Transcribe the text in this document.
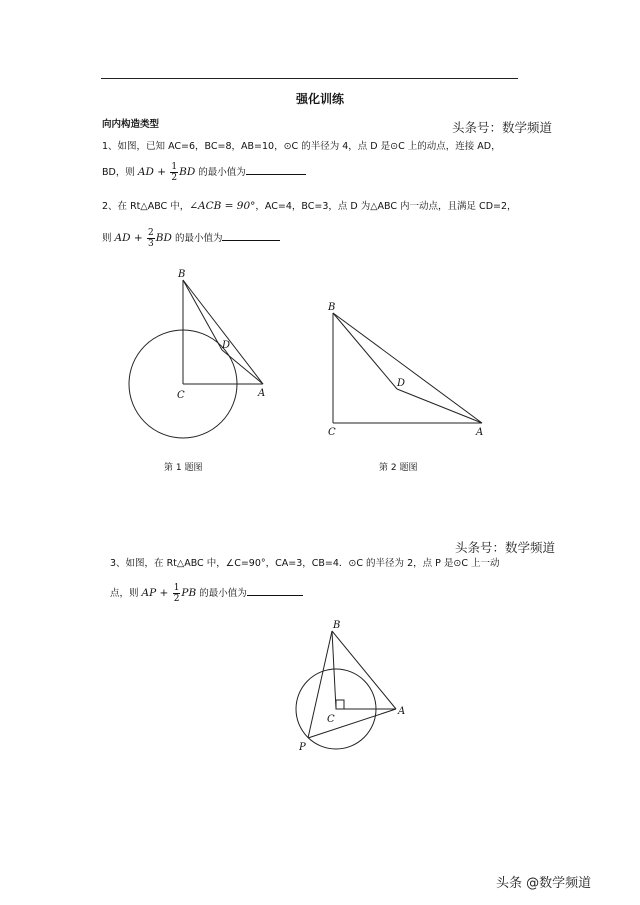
强化训练
向内构造类型	头条号：数学频道
1、如图，已知 AC=6，BC=8，AB=10，⊙C 的半径为 4，点 D 是⊙C 上的动点，连接 AD，
BD，则 AD + $\frac{1}{2}$ BD 的最小值为
2、在 Rt△ABC 中，∠ACB = 90°，AC=4，BC=3，点 D 为△ABC 内一动点，且满足 CD=2，
则 AD + $\frac{2}{3}$ BD 的最小值为
B
C	A
D
第 1 题图
B
C	A
D
第 2 题图
头条号：数学频道
3、如图，在 Rt△ABC 中，∠C=90°，CA=3，CB=4．⊙C 的半径为 2，点 P 是⊙C 上一动
点，则 AP + $\frac{1}{2}$ PB 的最小值为
B
C
A
P
头条 @数学频道
